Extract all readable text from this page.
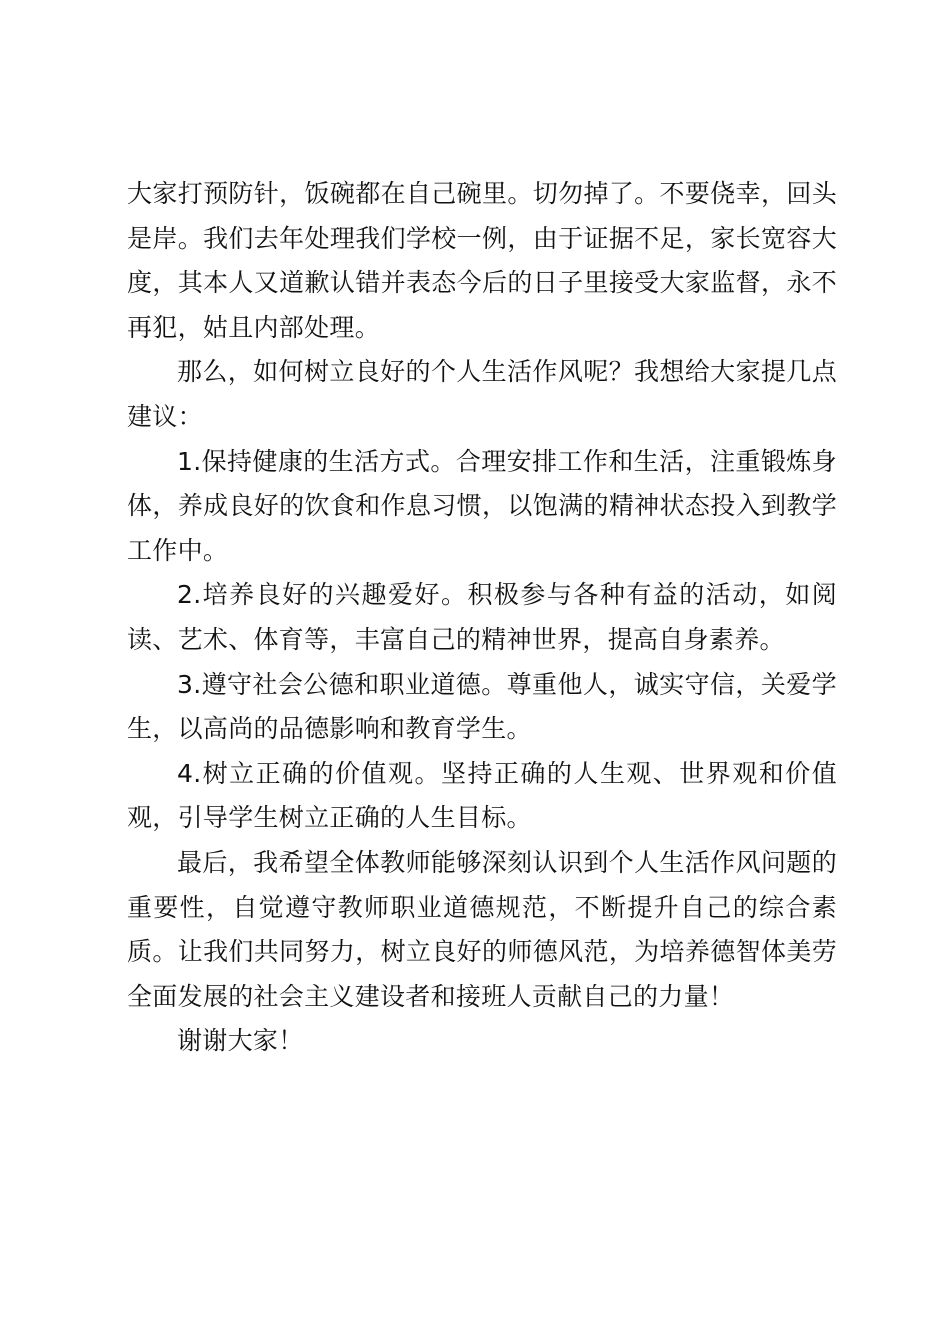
大家打预防针，饭碗都在自己碗里。切勿掉了。不要侥幸，回头是岸。我们去年处理我们学校一例，由于证据不足，家长宽容大度，其本人又道歉认错并表态今后的日子里接受大家监督，永不再犯，姑且内部处理。

那么，如何树立良好的个人生活作风呢？我想给大家提几点建议：

1.保持健康的生活方式。合理安排工作和生活，注重锻炼身体，养成良好的饮食和作息习惯，以饱满的精神状态投入到教学工作中。

2.培养良好的兴趣爱好。积极参与各种有益的活动，如阅读、艺术、体育等，丰富自己的精神世界，提高自身素养。

3.遵守社会公德和职业道德。尊重他人，诚实守信，关爱学生，以高尚的品德影响和教育学生。

4.树立正确的价值观。坚持正确的人生观、世界观和价值观，引导学生树立正确的人生目标。

最后，我希望全体教师能够深刻认识到个人生活作风问题的重要性，自觉遵守教师职业道德规范，不断提升自己的综合素质。让我们共同努力，树立良好的师德风范，为培养德智体美劳全面发展的社会主义建设者和接班人贡献自己的力量！

谢谢大家！
